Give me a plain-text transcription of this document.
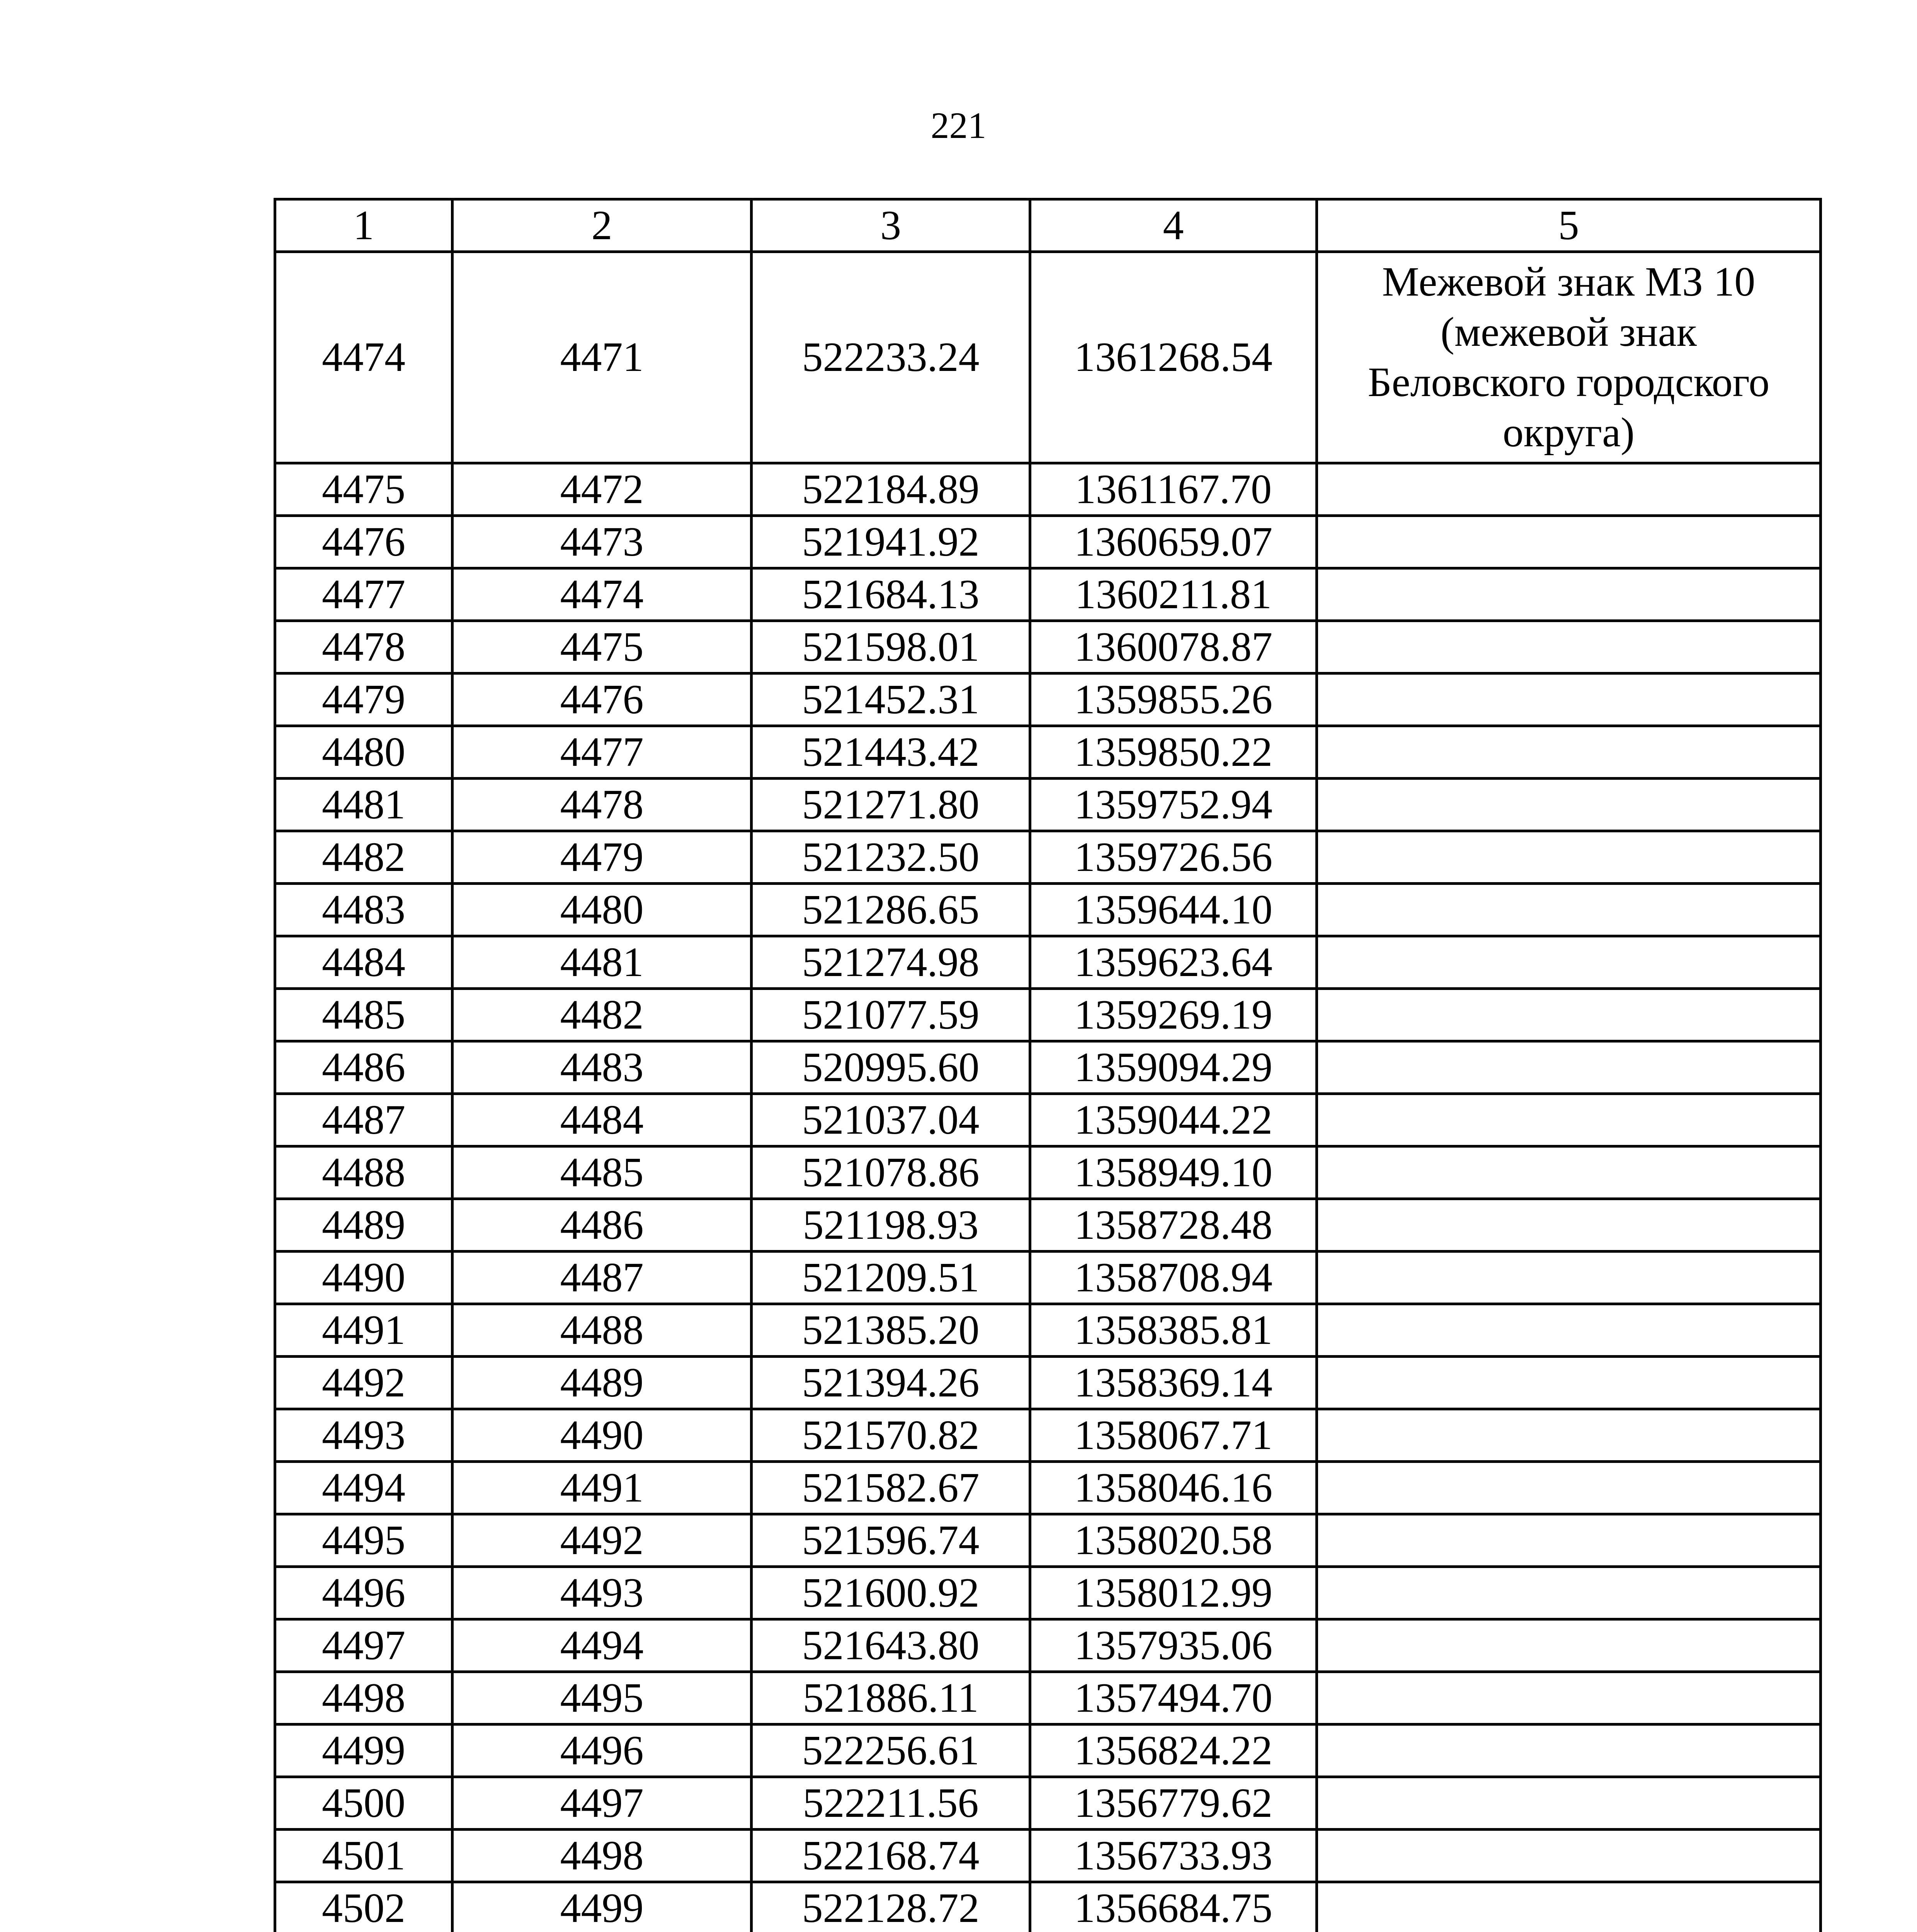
221
1	2	3	4	5
4474	4471	522233.24	1361268.54	Межевой знак МЗ 10
(межевой знак
Беловского городского
округа)
4475	4472	522184.89	1361167.70	
4476	4473	521941.92	1360659.07	
4477	4474	521684.13	1360211.81	
4478	4475	521598.01	1360078.87	
4479	4476	521452.31	1359855.26	
4480	4477	521443.42	1359850.22	
4481	4478	521271.80	1359752.94	
4482	4479	521232.50	1359726.56	
4483	4480	521286.65	1359644.10	
4484	4481	521274.98	1359623.64	
4485	4482	521077.59	1359269.19	
4486	4483	520995.60	1359094.29	
4487	4484	521037.04	1359044.22	
4488	4485	521078.86	1358949.10	
4489	4486	521198.93	1358728.48	
4490	4487	521209.51	1358708.94	
4491	4488	521385.20	1358385.81	
4492	4489	521394.26	1358369.14	
4493	4490	521570.82	1358067.71	
4494	4491	521582.67	1358046.16	
4495	4492	521596.74	1358020.58	
4496	4493	521600.92	1358012.99	
4497	4494	521643.80	1357935.06	
4498	4495	521886.11	1357494.70	
4499	4496	522256.61	1356824.22	
4500	4497	522211.56	1356779.62	
4501	4498	522168.74	1356733.93	
4502	4499	522128.72	1356684.75	
